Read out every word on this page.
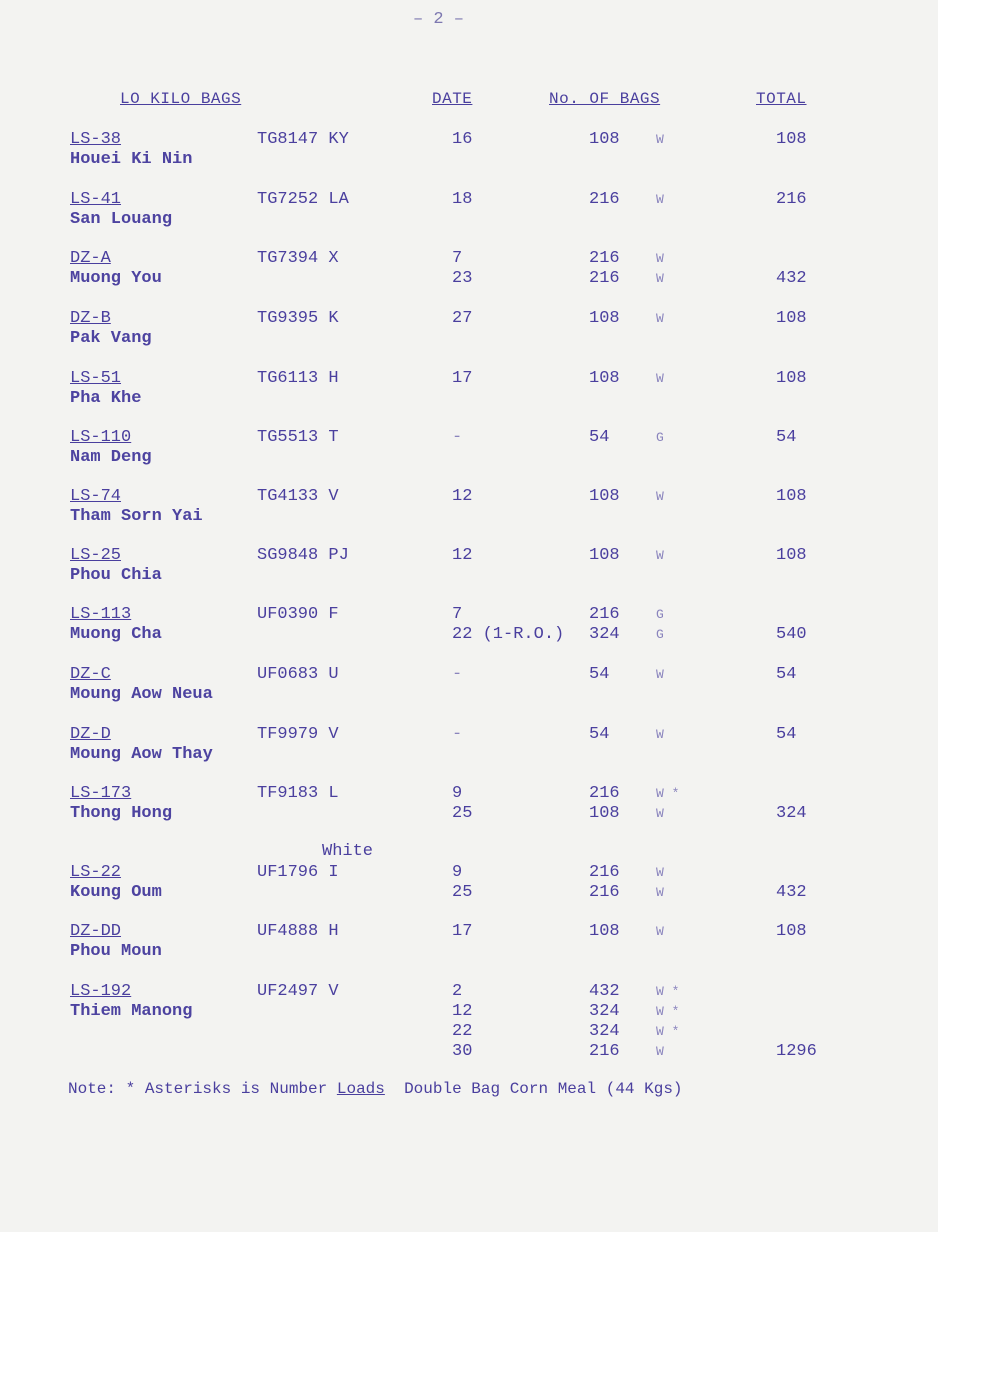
– 2 –
LO KILO BAGS	DATE	No. OF BAGS	TOTAL
LS-38
Houei Ki Nin
TG8147 KY	16	108	W	108
LS-41
San Louang
TG7252 LA	18	216	W	216
DZ-A
Muong You
TG7394 X	7	216	W
23	216	W	432
DZ-B
Pak Vang
TG9395 K	27	108	W	108
LS-51
Pha Khe
TG6113 H	17	108	W	108
LS-110
Nam Deng
TG5513 T	-	54	G	54
LS-74
Tham Sorn Yai
TG4133 V	12	108	W	108
LS-25
Phou Chia
SG9848 PJ	12	108	W	108
LS-113
Muong Cha
UF0390 F	7	216	G
22 (1-R.O.) 324	G	540
DZ-C
Moung Aow Neua
UF0683 U	-	54	W	54
DZ-D
Moung Aow Thay
TF9979 V	-	54	W	54
LS-173
Thong Hong
TF9183 L	9	216	W *
25	108	W	324
LS-22
Koung Oum
UF1796 I
White
9	216	W
25	216	W	432
DZ-DD
Phou Moun
UF4888 H	17	108	W	108
LS-192
Thiem Manong
UF2497 V	2	432	W *
12	324	W *
22	324	W *
30	216	W	1296
Note: * Asterisks is Number Loads Double Bag Corn Meal (44 Kgs)
